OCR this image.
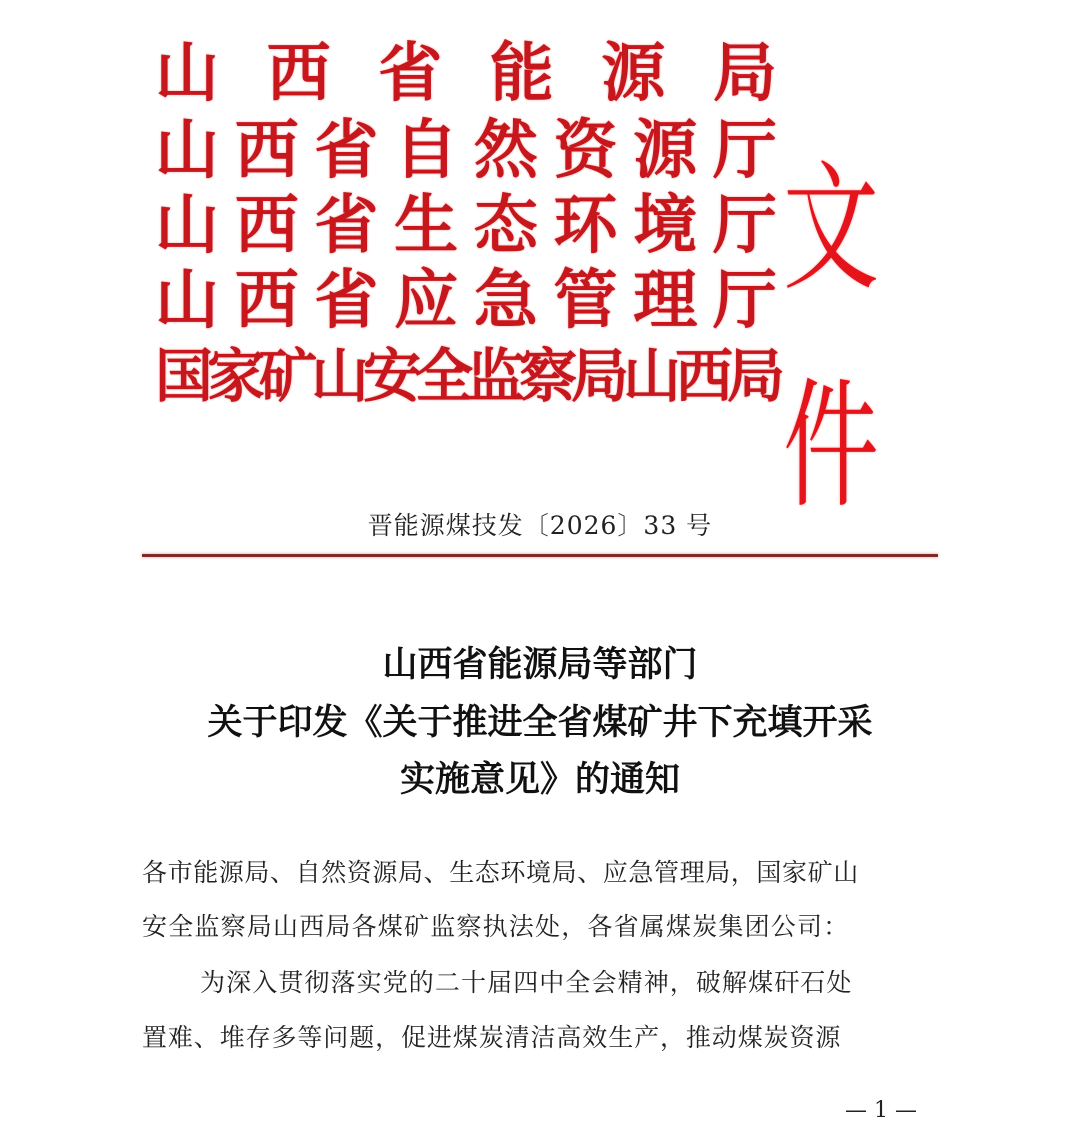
山 西 省 能 源 局
山 西 省 自 然 资 源 厅
山 西 省 生 态 环 境 厅
山 西 省 应 急 管 理 厅
国
家
矿
山
安
全
监
察
局
山
西
局
文件
晋能源煤技发〔2026〕33 号
山西省能源局等部门
关于印发《关于推进全省煤矿井下充填开采
实施意见》的通知
各市能源局、自然资源局、生态环境局、应急管理局，国家矿山
安全监察局山西局各煤矿监察执法处，各省属煤炭集团公司：
为深入贯彻落实党的二十届四中全会精神，破解煤矸石处
置难、堆存多等问题，促进煤炭清洁高效生产，推动煤炭资源
— 1 —
